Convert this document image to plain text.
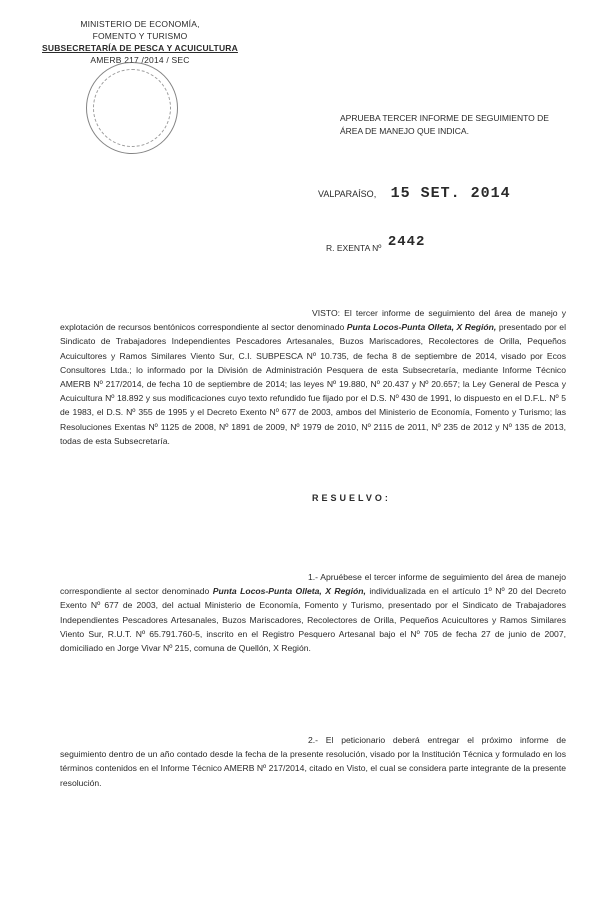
MINISTERIO DE ECONOMÍA,
FOMENTO Y TURISMO
SUBSECRETARÍA DE PESCA Y ACUICULTURA
AMERB 217 /2014 / SEC
APRUEBA TERCER INFORME DE SEGUIMIENTO DE ÁREA DE MANEJO QUE INDICA.
VALPARAÍSO, 15 SET. 2014
R. EXENTA Nº 2442
VISTO: El tercer informe de seguimiento del área de manejo y explotación de recursos bentónicos correspondiente al sector denominado Punta Locos-Punta Olleta, X Región, presentado por el Sindicato de Trabajadores Independientes Pescadores Artesanales, Buzos Mariscadores, Recolectores de Orilla, Pequeños Acuicultores y Ramos Similares Viento Sur, C.I. SUBPESCA Nº 10.735, de fecha 8 de septiembre de 2014, visado por Ecos Consultores Ltda.; lo informado por la División de Administración Pesquera de esta Subsecretaría, mediante Informe Técnico AMERB Nº 217/2014, de fecha 10 de septiembre de 2014; las leyes Nº 19.880, Nº 20.437 y Nº 20.657; la Ley General de Pesca y Acuicultura Nº 18.892 y sus modificaciones cuyo texto refundido fue fijado por el D.S. Nº 430 de 1991, lo dispuesto en el D.F.L. Nº 5 de 1983, el D.S. Nº 355 de 1995 y el Decreto Exento Nº 677 de 2003, ambos del Ministerio de Economía, Fomento y Turismo; las Resoluciones Exentas Nº 1125 de 2008, Nº 1891 de 2009, Nº 1979 de 2010, Nº 2115 de 2011, Nº 235 de 2012 y Nº 135 de 2013, todas de esta Subsecretaría.
RESUELVO:
1.- Apruébese el tercer informe de seguimiento del área de manejo correspondiente al sector denominado Punta Locos-Punta Olleta, X Región, individualizada en el artículo 1º Nº 20 del Decreto Exento Nº 677 de 2003, del actual Ministerio de Economía, Fomento y Turismo, presentado por el Sindicato de Trabajadores Independientes Pescadores Artesanales, Buzos Mariscadores, Recolectores de Orilla, Pequeños Acuicultores y Ramos Similares Viento Sur, R.U.T. Nº 65.791.760-5, inscrito en el Registro Pesquero Artesanal bajo el Nº 705 de fecha 27 de junio de 2007, domiciliado en Jorge Vivar Nº 215, comuna de Quellón, X Región.
2.- El peticionario deberá entregar el próximo informe de seguimiento dentro de un año contado desde la fecha de la presente resolución, visado por la Institución Técnica y formulado en los términos contenidos en el Informe Técnico AMERB Nº 217/2014, citado en Visto, el cual se considera parte integrante de la presente resolución.
